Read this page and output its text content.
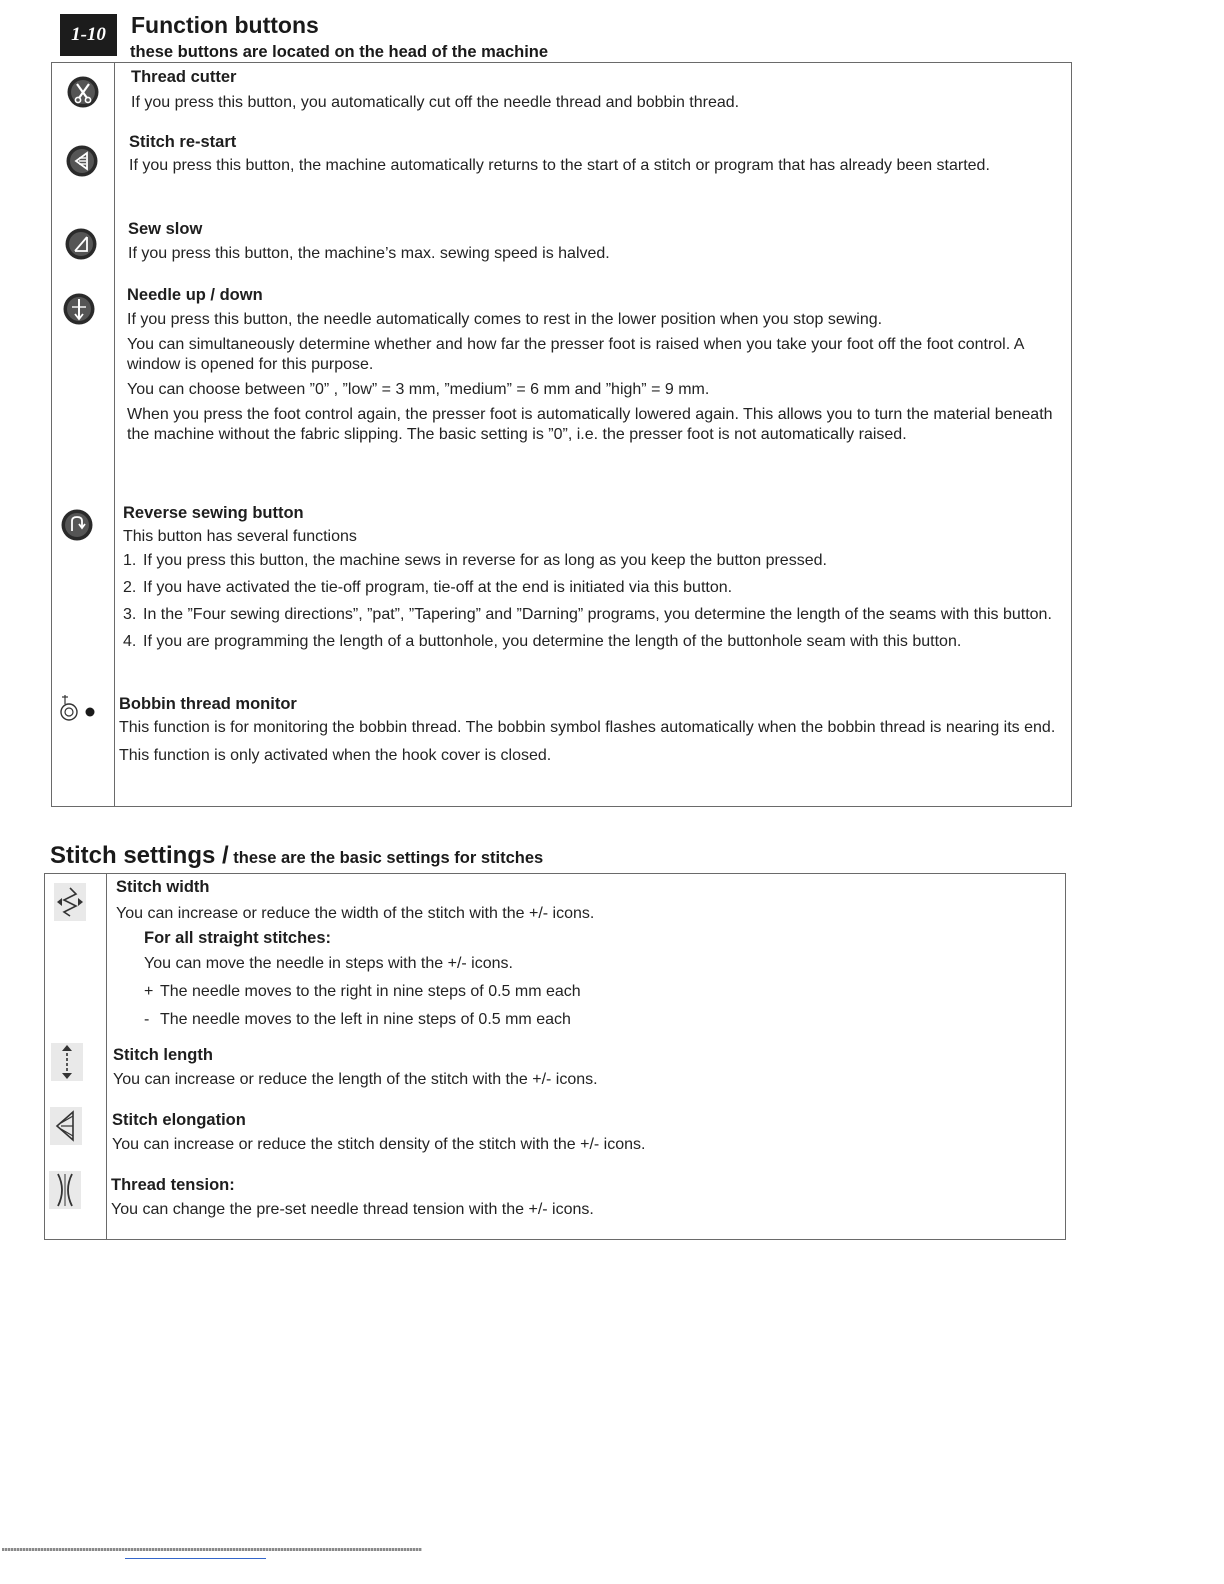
1-10	Function buttons
these buttons are located on the head of the machine
Thread cutter
If you press this button, you automatically cut off the needle thread and bobbin thread.
Stitch re-start
If you press this button, the machine automatically returns to the start of a stitch or program that has already been started.
Sew slow
If you press this button, the machine’s max. sewing speed is halved.
Needle up / down
If you press this button, the needle automatically comes to rest in the lower position when you stop sewing.
You can simultaneously determine whether and how far the presser foot is raised when you take your foot off the foot control. A window is opened for this purpose.
You can choose between ”0” , ”low” = 3 mm, ”medium” = 6 mm and ”high” = 9 mm.
When you press the foot control again, the presser foot is automatically lowered again. This allows you to turn the material beneath the machine without the fabric slipping. The basic setting is ”0”, i.e. the presser foot is not automatically raised.
Reverse sewing button
This button has several functions
1. If you press this button, the machine sews in reverse for as long as you keep the button pressed.
2. If you have activated the tie-off program, tie-off at the end is initiated via this button.
3. In the ”Four sewing directions”, ”pat”, ”Tapering” and ”Darning” programs, you determine the length of the seams with this button.
4. If you are programming the length of a buttonhole, you determine the length of the buttonhole seam with this button.
Bobbin thread monitor
This function is for monitoring the bobbin thread. The bobbin symbol flashes automatically when the bobbin thread is nearing its end.
This function is only activated when the hook cover is closed.
Stitch settings / these are the basic settings for stitches
Stitch width
You can increase or reduce the width of the stitch with the +/- icons.
For all straight stitches:
You can move the needle in steps with the +/- icons.
+ The needle moves to the right in nine steps of 0.5 mm each
- The needle moves to the left in nine steps of 0.5 mm each
Stitch length
You can increase or reduce the length of the stitch with the +/- icons.
Stitch elongation
You can increase or reduce the stitch density of the stitch with the +/- icons.
Thread tension:
You can change the pre-set needle thread tension with the +/- icons.
